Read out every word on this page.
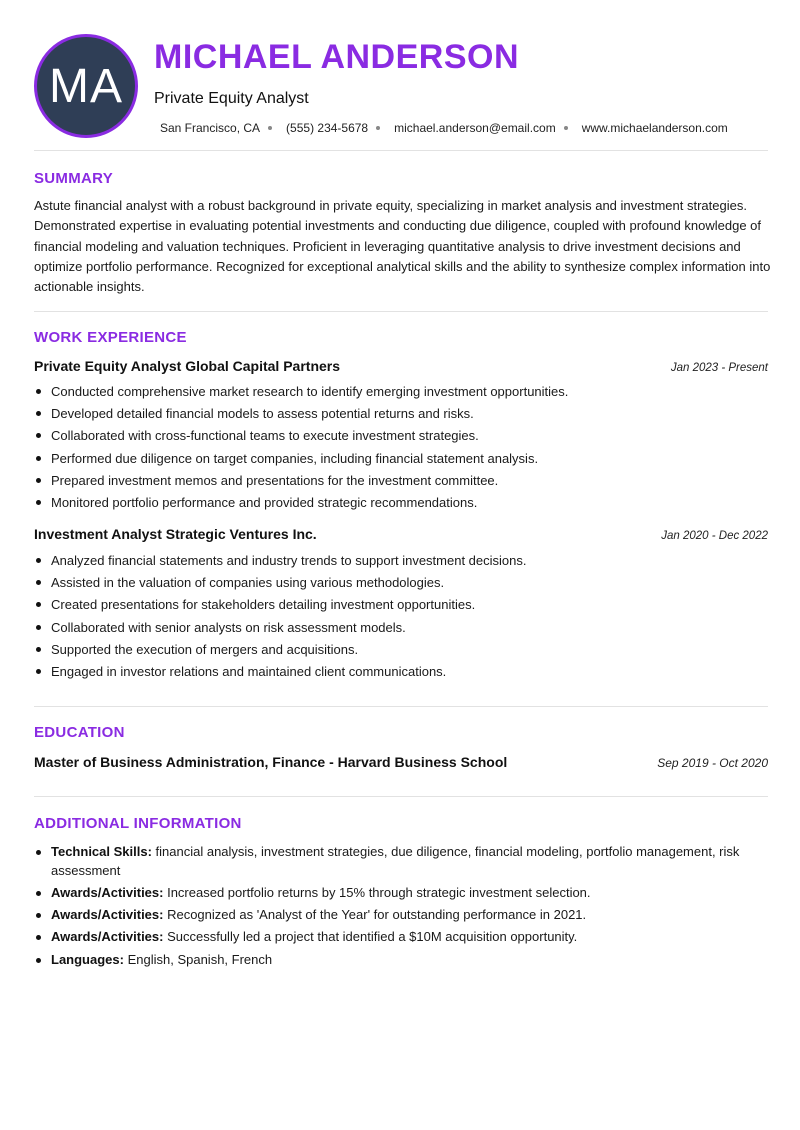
MA
MICHAEL ANDERSON
Private Equity Analyst
San Francisco, CA (555) 234-5678 michael.anderson@email.com www.michaelanderson.com
SUMMARY

Astute financial analyst with a robust background in private equity, specializing in market analysis and investment strategies. Demonstrated expertise in evaluating potential investments and conducting due diligence, coupled with profound knowledge of financial modeling and valuation techniques. Proficient in leveraging quantitative analysis to drive investment decisions and optimize portfolio performance. Recognized for exceptional analytical skills and the ability to synthesize complex information into actionable insights.

WORK EXPERIENCE
Private Equity Analyst Global Capital Partners	Jan 2023 - Present
Conducted comprehensive market research to identify emerging investment opportunities.
Developed detailed financial models to assess potential returns and risks.
Collaborated with cross-functional teams to execute investment strategies.
Performed due diligence on target companies, including financial statement analysis.
Prepared investment memos and presentations for the investment committee.
Monitored portfolio performance and provided strategic recommendations.
Investment Analyst Strategic Ventures Inc.	Jan 2020 - Dec 2022
Analyzed financial statements and industry trends to support investment decisions.
Assisted in the valuation of companies using various methodologies.
Created presentations for stakeholders detailing investment opportunities.
Collaborated with senior analysts on risk assessment models.
Supported the execution of mergers and acquisitions.
Engaged in investor relations and maintained client communications.
EDUCATION
Master of Business Administration, Finance - Harvard Business School	Sep 2019 - Oct 2020
ADDITIONAL INFORMATION
Technical Skills: financial analysis, investment strategies, due diligence, financial modeling, portfolio management, risk assessment
Awards/Activities: Increased portfolio returns by 15% through strategic investment selection.
Awards/Activities: Recognized as 'Analyst of the Year' for outstanding performance in 2021.
Awards/Activities: Successfully led a project that identified a $10M acquisition opportunity.
Languages: English, Spanish, French
